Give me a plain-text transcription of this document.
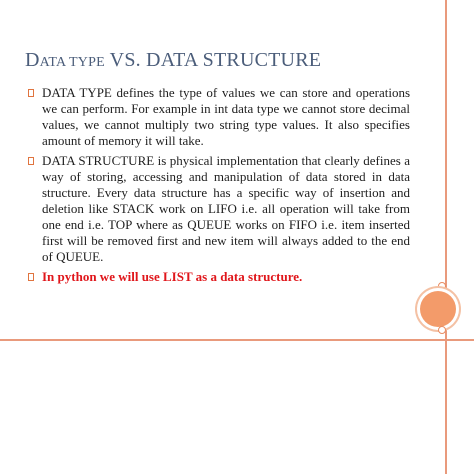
DATA TYPE VS. DATA STRUCTURE
DATA TYPE defines the type of values we can store and operations we can perform. For example in int data type we cannot store decimal values, we cannot multiply two string type values. It also specifies amount of memory it will take.
DATA STRUCTURE is physical implementation that clearly defines a way of storing, accessing and manipulation of data stored in data structure. Every data structure has a specific way of insertion and deletion like STACK work on LIFO i.e. all operation will take from one end i.e. TOP where as QUEUE works on FIFO i.e. item inserted first will be removed first and new item will always added to the end of QUEUE.
In python we will use LIST as a data structure.
